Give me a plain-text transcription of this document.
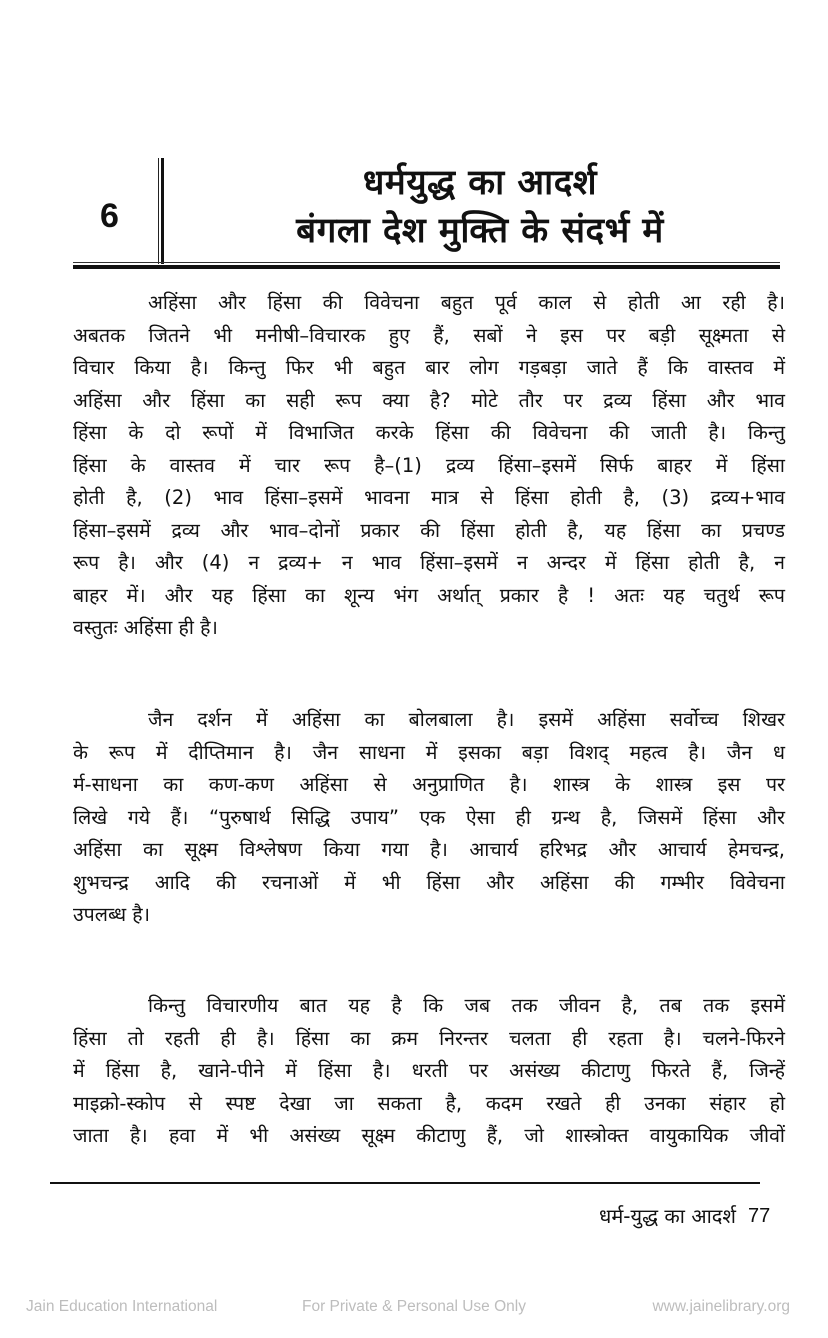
6
धर्मयुद्ध का आदर्श
बंगला देश मुक्ति के संदर्भ में
अहिंसा और हिंसा की विवेचना बहुत पूर्व काल से होती आ रही है।
अबतक जितने भी मनीषी–विचारक हुए हैं, सबों ने इस पर बड़ी सूक्ष्मता से
विचार किया है। किन्तु फिर भी बहुत बार लोग गड़बड़ा जाते हैं कि वास्तव में
अहिंसा और हिंसा का सही रूप क्या है? मोटे तौर पर द्रव्य हिंसा और भाव
हिंसा के दो रूपों में विभाजित करके हिंसा की विवेचना की जाती है। किन्तु
हिंसा के वास्तव में चार रूप है–(1) द्रव्य हिंसा–इसमें सिर्फ बाहर में हिंसा
होती है, (2) भाव हिंसा–इसमें भावना मात्र से हिंसा होती है, (3) द्रव्य+भाव
हिंसा–इसमें द्रव्य और भाव–दोनों प्रकार की हिंसा होती है, यह हिंसा का प्रचण्ड
रूप है। और (4) न द्रव्य+ न भाव हिंसा–इसमें न अन्दर में हिंसा होती है, न
बाहर में। और यह हिंसा का शून्य भंग अर्थात् प्रकार है ! अतः यह चतुर्थ रूप
वस्तुतः अहिंसा ही है।
जैन दर्शन में अहिंसा का बोलबाला है। इसमें अहिंसा सर्वोच्च शिखर
के रूप में दीप्तिमान है। जैन साधना में इसका बड़ा विशद् महत्व है। जैन ध
र्म-साधना का कण-कण अहिंसा से अनुप्राणित है। शास्त्र के शास्त्र इस पर
लिखे गये हैं। “पुरुषार्थ सिद्धि उपाय” एक ऐसा ही ग्रन्थ है, जिसमें हिंसा और
अहिंसा का सूक्ष्म विश्लेषण किया गया है। आचार्य हरिभद्र और आचार्य हेमचन्द्र,
शुभचन्द्र आदि की रचनाओं में भी हिंसा और अहिंसा की गम्भीर विवेचना
उपलब्ध है।
किन्तु विचारणीय बात यह है कि जब तक जीवन है, तब तक इसमें
हिंसा तो रहती ही है। हिंसा का क्रम निरन्तर चलता ही रहता है। चलने-फिरने
में हिंसा है, खाने-पीने में हिंसा है। धरती पर असंख्य कीटाणु फिरते हैं, जिन्हें
माइक्रो-स्कोप से स्पष्ट देखा जा सकता है, कदम रखते ही उनका संहार हो
जाता है। हवा में भी असंख्य सूक्ष्म कीटाणु हैं, जो शास्त्रोक्त वायुकायिक जीवों
धर्म-युद्ध का आदर्श 77
Jain Education International	For Private & Personal Use Only	www.jainelibrary.org
